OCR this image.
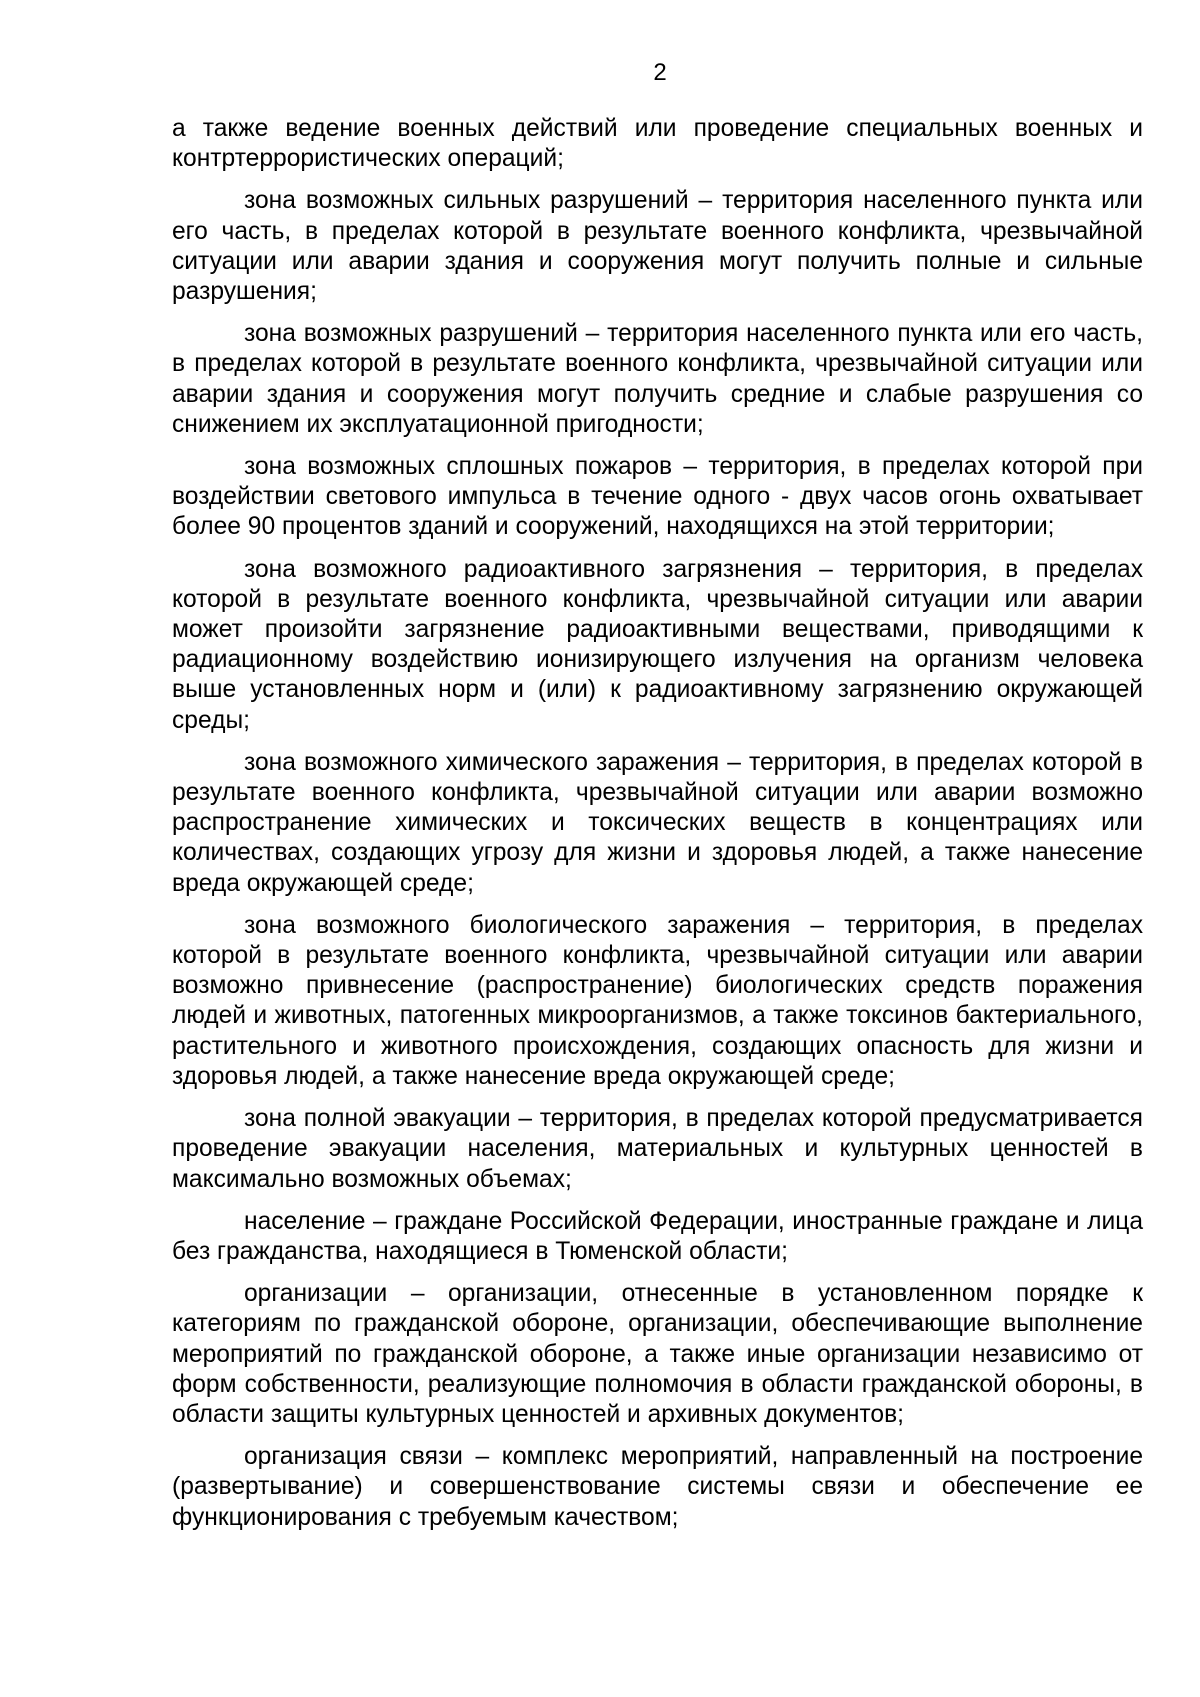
2

а также ведение военных действий или проведение специальных военных и контртеррористических операций;

зона возможных сильных разрушений – территория населенного пункта или его часть, в пределах которой в результате военного конфликта, чрезвычайной ситуации или аварии здания и сооружения могут получить полные и сильные разрушения;

зона возможных разрушений – территория населенного пункта или его часть, в пределах которой в результате военного конфликта, чрезвычайной ситуации или аварии здания и сооружения могут получить средние и слабые разрушения со снижением их эксплуатационной пригодности;

зона возможных сплошных пожаров – территория, в пределах которой при воздействии светового импульса в течение одного - двух часов огонь охватывает более 90 процентов зданий и сооружений, находящихся на этой территории;

зона возможного радиоактивного загрязнения – территория, в пределах которой в результате военного конфликта, чрезвычайной ситуации или аварии может произойти загрязнение радиоактивными веществами, приводящими к радиационному воздействию ионизирующего излучения на организм человека выше установленных норм и (или) к радиоактивному загрязнению окружающей среды;

зона возможного химического заражения – территория, в пределах которой в результате военного конфликта, чрезвычайной ситуации или аварии возможно распространение химических и токсических веществ в концентрациях или количествах, создающих угрозу для жизни и здоровья людей, а также нанесение вреда окружающей среде;

зона возможного биологического заражения – территория, в пределах которой в результате военного конфликта, чрезвычайной ситуации или аварии возможно привнесение (распространение) биологических средств поражения людей и животных, патогенных микроорганизмов, а также токсинов бактериального, растительного и животного происхождения, создающих опасность для жизни и здоровья людей, а также нанесение вреда окружающей среде;

зона полной эвакуации – территория, в пределах которой предусматривается проведение эвакуации населения, материальных и культурных ценностей в максимально возможных объемах;

население – граждане Российской Федерации, иностранные граждане и лица без гражданства, находящиеся в Тюменской области;

организации – организации, отнесенные в установленном порядке к категориям по гражданской обороне, организации, обеспечивающие выполнение мероприятий по гражданской обороне, а также иные организации независимо от форм собственности, реализующие полномочия в области гражданской обороны, в области защиты культурных ценностей и архивных документов;

организация связи – комплекс мероприятий, направленный на построение (развертывание) и совершенствование системы связи и обеспечение ее функционирования с требуемым качеством;
